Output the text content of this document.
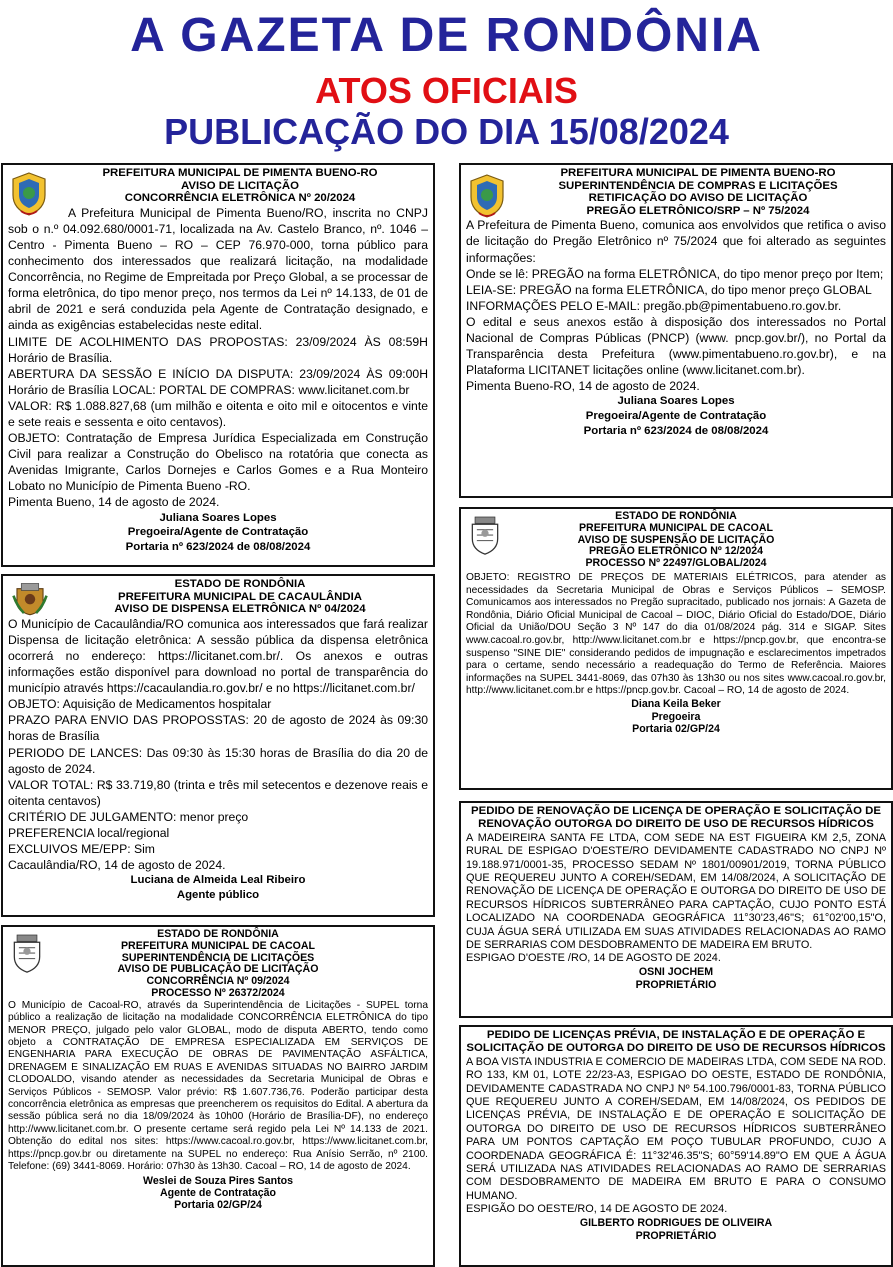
A GAZETA DE RONDÔNIA
ATOS OFICIAIS
PUBLICAÇÃO DO DIA 15/08/2024
PREFEITURA MUNICIPAL DE PIMENTA BUENO-RO
AVISO DE LICITAÇÃO
CONCORRÊNCIA ELETRÔNICA Nº 20/2024

A Prefeitura Municipal de Pimenta Bueno/RO, inscrita no CNPJ sob o n.º 04.092.680/0001-71, localizada na Av. Castelo Branco, nº. 1046 – Centro - Pimenta Bueno – RO – CEP 76.970-000, torna público para conhecimento dos interessados que realizará licitação, na modalidade Concorrência, no Regime de Empreitada por Preço Global, a se processar de forma eletrônica, do tipo menor preço, nos termos da Lei nº 14.133, de 01 de abril de 2021 e será conduzida pela Agente de Contratação designado, e ainda as exigências estabelecidas neste edital.

LIMITE DE ACOLHIMENTO DAS PROPOSTAS: 23/09/2024 ÀS 08:59H Horário de Brasília.

ABERTURA DA SESSÃO E INÍCIO DA DISPUTA: 23/09/2024 ÀS 09:00H Horário de Brasília LOCAL: PORTAL DE COMPRAS: www.licitanet.com.br

VALOR: R$ 1.088.827,68 (um milhão e oitenta e oito mil e oitocentos e vinte e sete reais e sessenta e oito centavos).

OBJETO: Contratação de Empresa Jurídica Especializada em Construção Civil para realizar a Construção do Obelisco na rotatória que conecta as Avenidas Imigrante, Carlos Dornejes e Carlos Gomes e a Rua Monteiro Lobato no Município de Pimenta Bueno -RO.

Pimenta Bueno, 14 de agosto de 2024.

Juliana Soares Lopes
Pregoeira/Agente de Contratação
Portaria nº 623/2024 de 08/08/2024
PREFEITURA MUNICIPAL DE PIMENTA BUENO-RO
SUPERINTENDÊNCIA DE COMPRAS E LICITAÇÕES
RETIFICAÇÃO DO AVISO DE LICITAÇÃO
PREGÃO ELETRÔNICO/SRP – Nº 75/2024

A Prefeitura de Pimenta Bueno, comunica aos envolvidos que retifica o aviso de licitação do Pregão Eletrônico nº 75/2024 que foi alterado as seguintes informações:

Onde se lê: PREGÃO na forma ELETRÔNICA, do tipo menor preço por Item;

LEIA-SE: PREGÃO na forma ELETRÔNICA, do tipo menor preço GLOBAL

INFORMAÇÕES PELO E-MAIL: pregão.pb@pimentabueno.ro.gov.br.

O edital e seus anexos estão à disposição dos interessados no Portal Nacional de Compras Públicas (PNCP) (www. pncp.gov.br/), no Portal da Transparência desta Prefeitura (www.pimentabueno.ro.gov.br), e na Plataforma LICITANET licitações online (www.licitanet.com.br).

Pimenta Bueno-RO, 14 de agosto de 2024.

Juliana Soares Lopes
Pregoeira/Agente de Contratação
Portaria nº 623/2024 de 08/08/2024
ESTADO DE RONDÔNIA
PREFEITURA MUNICIPAL DE CACAULÂNDIA
AVISO DE DISPENSA ELETRÔNICA Nº 04/2024

O Município de Cacaulândia/RO comunica aos interessados que fará realizar Dispensa de licitação eletrônica: A sessão pública da dispensa eletrônica ocorrerá no endereço: https://licitanet.com.br/. Os anexos e outras informações estão disponível para download no portal de transparência do município através https://cacaulandia.ro.gov.br/ e no https://licitanet.com.br/

OBJETO: Aquisição de Medicamentos hospitalar

PRAZO PARA ENVIO DAS PROPOSSTAS: 20 de agosto de 2024 às 09:30 horas de Brasília

PERIODO DE LANCES: Das 09:30 às 15:30 horas de Brasília do dia 20 de agosto de 2024.

VALOR TOTAL: R$ 33.719,80 (trinta e três mil setecentos e dezenove reais e oitenta centavos)

CRITÉRIO DE JULGAMENTO: menor preço

PREFERENCIA local/regional

EXCLUIVOS ME/EPP: Sim

Cacaulândia/RO, 14 de agosto de 2024.

Luciana de Almeida Leal Ribeiro
Agente público
ESTADO DE RONDÔNIA
PREFEITURA MUNICIPAL DE CACOAL
SUPERINTENDÊNCIA DE LICITAÇÕES
AVISO DE PUBLICAÇÃO DE LICITAÇÃO
CONCORRÊNCIA Nº 09/2024
PROCESSO Nº 26372/2024

O Município de Cacoal-RO, através da Superintendência de Licitações - SUPEL torna público a realização de licitação na modalidade CONCORRÊNCIA ELETRÔNICA do tipo MENOR PREÇO, julgado pelo valor GLOBAL, modo de disputa ABERTO, tendo como objeto a CONTRATAÇÃO DE EMPRESA ESPECIALIZADA EM SERVIÇOS DE ENGENHARIA PARA EXECUÇÃO DE OBRAS DE PAVIMENTAÇÃO ASFÁLTICA, DRENAGEM E SINALIZAÇÃO EM RUAS E AVENIDAS SITUADAS NO BAIRRO JARDIM CLODOALDO, visando atender as necessidades da Secretaria Municipal de Obras e Serviços Públicos - SEMOSP. Valor prévio: R$ 1.607.736,76. Poderão participar desta concorrência eletrônica as empresas que preencherem os requisitos do Edital. A abertura da sessão pública será no dia 18/09/2024 às 10h00 (Horário de Brasília-DF), no endereço http://www.licitanet.com.br. O presente certame será regido pela Lei Nº 14.133 de 2021. Obtenção do edital nos sites: https://www.cacoal.ro.gov.br, https://www.licitanet.com.br, https://pncp.gov.br ou diretamente na SUPEL no endereço: Rua Anísio Serrão, nº 2100. Telefone: (69) 3441-8069. Horário: 07h30 às 13h30. Cacoal – RO, 14 de agosto de 2024.

Weslei de Souza Pires Santos
Agente de Contratação
Portaria 02/GP/24
ESTADO DE RONDÔNIA
PREFEITURA MUNICIPAL DE CACOAL
AVISO DE SUSPENSÃO DE LICITAÇÃO
PREGÃO ELETRÔNICO Nº 12/2024
PROCESSO Nº 22497/GLOBAL/2024

OBJETO: REGISTRO DE PREÇOS DE MATERIAIS ELÉTRICOS, para atender as necessidades da Secretaria Municipal de Obras e Serviços Públicos – SEMOSP. Comunicamos aos interessados no Pregão supracitado, publicado nos jornais: A Gazeta de Rondônia, Diário Oficial Municipal de Cacoal – DIOC, Diário Oficial do Estado/DOE, Diário Oficial da União/DOU Seção 3 Nº 147 do dia 01/08/2024 pág. 314 e SIGAP. Sites www.cacoal.ro.gov.br, http://www.licitanet.com.br e https://pncp.gov.br, que encontra-se suspenso "SINE DIE" considerando pedidos de impugnação e esclarecimentos impetrados para o certame, sendo necessário a readequação do Termo de Referência. Maiores informações na SUPEL 3441-8069, das 07h30 às 13h30 ou nos sites www.cacoal.ro.gov.br, http://www.licitanet.com.br e https://pncp.gov.br. Cacoal – RO, 14 de agosto de 2024.

Diana Keila Beker
Pregoeira
Portaria 02/GP/24
PEDIDO DE RENOVAÇÃO DE LICENÇA DE OPERAÇÃO E SOLICITAÇÃO DE
RENOVAÇÃO OUTORGA DO DIREITO DE USO DE RECURSOS HÍDRICOS

A MADEIREIRA SANTA FE LTDA, COM SEDE NA EST FIGUEIRA KM 2,5, ZONA RURAL DE ESPIGAO D'OESTE/RO DEVIDAMENTE CADASTRADO NO CNPJ Nº 19.188.971/0001-35, PROCESSO SEDAM Nº 1801/00901/2019, TORNA PÚBLICO QUE REQUEREU JUNTO A COREH/SEDAM, EM 14/08/2024, A SOLICITAÇÃO DE RENOVAÇÃO DE LICENÇA DE OPERAÇÃO E OUTORGA DO DIREITO DE USO DE RECURSOS HÍDRICOS SUBTERRÂNEO PARA CAPTAÇÃO, CUJO PONTO ESTÁ LOCALIZADO NA COORDENADA GEOGRÁFICA 11°30'23,46"S; 61°02'00,15"O, CUJA ÁGUA SERÁ UTILIZADA EM SUAS ATIVIDADES RELACIONADAS AO RAMO DE SERRARIAS COM DESDOBRAMENTO DE MADEIRA EM BRUTO.

ESPIGAO D'OESTE /RO, 14 DE AGOSTO DE 2024.

OSNI JOCHEM
PROPRIETÁRIO
PEDIDO DE LICENÇAS PRÉVIA, DE INSTALAÇÃO E DE OPERAÇÃO E
SOLICITAÇÃO DE OUTORGA DO DIREITO DE USO DE RECURSOS HÍDRICOS

A BOA VISTA INDUSTRIA E COMERCIO DE MADEIRAS LTDA, COM SEDE NA ROD. RO 133, KM 01, LOTE 22/23-A3, ESPIGAO DO OESTE, ESTADO DE RONDÔNIA, DEVIDAMENTE CADASTRADA NO CNPJ Nº 54.100.796/0001-83, TORNA PÚBLICO QUE REQUEREU JUNTO A COREH/SEDAM, EM 14/08/2024, OS PEDIDOS DE LICENÇAS PRÉVIA, DE INSTALAÇÃO E DE OPERAÇÃO E SOLICITAÇÃO DE OUTORGA DO DIREITO DE USO DE RECURSOS HÍDRICOS SUBTERRÂNEO PARA UM PONTOS CAPTAÇÃO EM POÇO TUBULAR PROFUNDO, CUJO A COORDENADA GEOGRÁFICA É: 11°32'46.35"S; 60°59'14.89"O EM QUE A ÁGUA SERÁ UTILIZADA NAS ATIVIDADES RELACIONADAS AO RAMO DE SERRARIAS COM DESDOBRAMENTO DE MADEIRA EM BRUTO E PARA O CONSUMO HUMANO.

ESPIGÃO DO OESTE/RO, 14 DE AGOSTO DE 2024.

GILBERTO RODRIGUES DE OLIVEIRA
PROPRIETÁRIO
